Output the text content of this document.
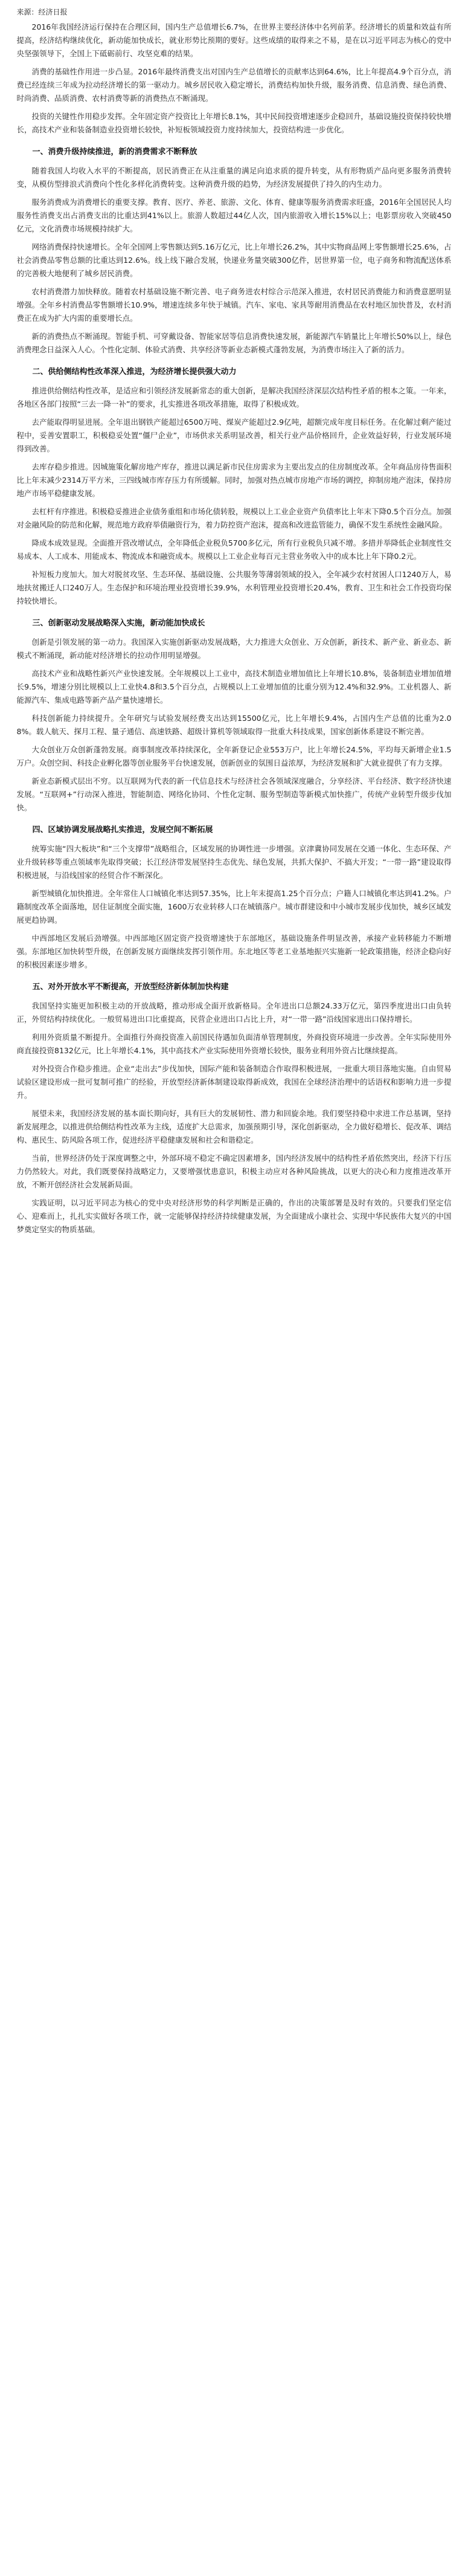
来源：经济日报

2016年我国经济运行保持在合理区间，国内生产总值增长6.7%，在世界主要经济体中名列前茅。经济增长的质量和效益有所提高，经济结构继续优化，新动能加快成长，就业形势比预期的要好。这些成绩的取得来之不易，是在以习近平同志为核心的党中央坚强领导下，全国上下砥砺前行、攻坚克难的结果。

消费的基础性作用进一步凸显。2016年最终消费支出对国内生产总值增长的贡献率达到64.6%，比上年提高4.9个百分点，消费已经连续三年成为拉动经济增长的第一驱动力。城乡居民收入稳定增长，消费结构加快升级，服务消费、信息消费、绿色消费、时尚消费、品质消费、农村消费等新的消费热点不断涌现。

投资的关键性作用稳步发挥。全年固定资产投资比上年增长8.1%，其中民间投资增速逐步企稳回升，基础设施投资保持较快增长，高技术产业和装备制造业投资增长较快，补短板领域投资力度持续加大，投资结构进一步优化。

一、消费升级持续推进，新的消费需求不断释放

随着我国人均收入水平的不断提高，居民消费正在从注重量的满足向追求质的提升转变，从有形物质产品向更多服务消费转变，从模仿型排浪式消费向个性化多样化消费转变。这种消费升级的趋势，为经济发展提供了持久的内生动力。

服务消费成为消费增长的重要支撑。教育、医疗、养老、旅游、文化、体育、健康等服务消费需求旺盛，2016年全国居民人均服务性消费支出占消费支出的比重达到41%以上。旅游人数超过44亿人次，国内旅游收入增长15%以上；电影票房收入突破450亿元，文化消费市场规模持续扩大。

网络消费保持快速增长。全年全国网上零售额达到5.16万亿元，比上年增长26.2%，其中实物商品网上零售额增长25.6%，占社会消费品零售总额的比重达到12.6%。线上线下融合发展，快递业务量突破300亿件，居世界第一位，电子商务和物流配送体系的完善极大地便利了城乡居民消费。

农村消费潜力加快释放。随着农村基础设施不断完善、电子商务进农村综合示范深入推进，农村居民消费能力和消费意愿明显增强。全年乡村消费品零售额增长10.9%，增速连续多年快于城镇。汽车、家电、家具等耐用消费品在农村地区加快普及，农村消费正在成为扩大内需的重要增长点。

新的消费热点不断涌现。智能手机、可穿戴设备、智能家居等信息消费快速发展，新能源汽车销量比上年增长50%以上，绿色消费理念日益深入人心。个性化定制、体验式消费、共享经济等新业态新模式蓬勃发展，为消费市场注入了新的活力。

二、供给侧结构性改革深入推进，为经济增长提供强大动力

推进供给侧结构性改革，是适应和引领经济发展新常态的重大创新，是解决我国经济深层次结构性矛盾的根本之策。一年来，各地区各部门按照“三去一降一补”的要求，扎实推进各项改革措施，取得了积极成效。

去产能取得明显进展。全年退出钢铁产能超过6500万吨、煤炭产能超过2.9亿吨，超额完成年度目标任务。在化解过剩产能过程中，妥善安置职工，积极稳妥处置“僵尸企业”，市场供求关系明显改善，相关行业产品价格回升，企业效益好转，行业发展环境得到改善。

去库存稳步推进。因城施策化解房地产库存，推进以满足新市民住房需求为主要出发点的住房制度改革。全年商品房待售面积比上年末减少2314万平方米，三四线城市库存压力有所缓解。同时，加强对热点城市房地产市场的调控，抑制房地产泡沫，保持房地产市场平稳健康发展。

去杠杆有序推进。积极稳妥推进企业债务重组和市场化债转股，规模以上工业企业资产负债率比上年末下降0.5个百分点。加强对金融风险的防范和化解，规范地方政府举债融资行为，着力防控资产泡沫，提高和改进监管能力，确保不发生系统性金融风险。

降成本成效显现。全面推开营改增试点，全年降低企业税负5700多亿元，所有行业税负只减不增。多措并举降低企业制度性交易成本、人工成本、用能成本、物流成本和融资成本。规模以上工业企业每百元主营业务收入中的成本比上年下降0.2元。

补短板力度加大。加大对脱贫攻坚、生态环保、基础设施、公共服务等薄弱领域的投入，全年减少农村贫困人口1240万人，易地扶贫搬迁人口240万人。生态保护和环境治理业投资增长39.9%，水利管理业投资增长20.4%，教育、卫生和社会工作投资均保持较快增长。

三、创新驱动发展战略深入实施，新动能加快成长

创新是引领发展的第一动力。我国深入实施创新驱动发展战略，大力推进大众创业、万众创新，新技术、新产业、新业态、新模式不断涌现，新动能对经济增长的拉动作用明显增强。

高技术产业和战略性新兴产业快速发展。全年规模以上工业中，高技术制造业增加值比上年增长10.8%，装备制造业增加值增长9.5%，增速分别比规模以上工业快4.8和3.5个百分点，占规模以上工业增加值的比重分别为12.4%和32.9%。工业机器人、新能源汽车、集成电路等新产品产量快速增长。

科技创新能力持续提升。全年研究与试验发展经费支出达到15500亿元，比上年增长9.4%，占国内生产总值的比重为2.08%。载人航天、探月工程、量子通信、高速铁路、超级计算机等领域取得一批重大科技成果，国家创新体系建设不断完善。

大众创业万众创新蓬勃发展。商事制度改革持续深化，全年新登记企业553万户，比上年增长24.5%，平均每天新增企业1.5万户。众创空间、科技企业孵化器等创业服务平台快速发展，创新创业的氛围日益浓厚，为经济发展和扩大就业提供了有力支撑。

新业态新模式层出不穷。以互联网为代表的新一代信息技术与经济社会各领域深度融合，分享经济、平台经济、数字经济快速发展。“互联网+”行动深入推进，智能制造、网络化协同、个性化定制、服务型制造等新模式加快推广，传统产业转型升级步伐加快。

四、区域协调发展战略扎实推进，发展空间不断拓展

统筹实施“四大板块”和“三个支撑带”战略组合，区域发展的协调性进一步增强。京津冀协同发展在交通一体化、生态环保、产业升级转移等重点领域率先取得突破；长江经济带发展坚持生态优先、绿色发展，共抓大保护、不搞大开发；“一带一路”建设取得积极进展，与沿线国家的经贸合作不断深化。

新型城镇化加快推进。全年常住人口城镇化率达到57.35%，比上年末提高1.25个百分点；户籍人口城镇化率达到41.2%。户籍制度改革全面落地，居住证制度全面实施，1600万农业转移人口在城镇落户。城市群建设和中小城市发展步伐加快，城乡区域发展更趋协调。

中西部地区发展后劲增强。中西部地区固定资产投资增速快于东部地区，基础设施条件明显改善，承接产业转移能力不断增强。东部地区加快转型升级，在创新发展方面继续发挥引领作用。东北地区等老工业基地振兴实施新一轮政策措施，经济企稳向好的积极因素逐步增多。

五、对外开放水平不断提高，开放型经济新体制加快构建

我国坚持实施更加积极主动的开放战略，推动形成全面开放新格局。全年进出口总额24.33万亿元，第四季度进出口由负转正，外贸结构持续优化。一般贸易进出口比重提高，民营企业进出口占比上升，对“一带一路”沿线国家进出口保持增长。

利用外资质量不断提升。全面推行外商投资准入前国民待遇加负面清单管理制度，外商投资环境进一步改善。全年实际使用外商直接投资8132亿元，比上年增长4.1%，其中高技术产业实际使用外资增长较快，服务业利用外资占比继续提高。

对外投资合作稳步推进。企业“走出去”步伐加快，国际产能和装备制造合作取得积极进展，一批重大项目落地实施。自由贸易试验区建设形成一批可复制可推广的经验，开放型经济新体制建设取得新成效，我国在全球经济治理中的话语权和影响力进一步提升。

展望未来，我国经济发展的基本面长期向好，具有巨大的发展韧性、潜力和回旋余地。我们要坚持稳中求进工作总基调，坚持新发展理念，以推进供给侧结构性改革为主线，适度扩大总需求，加强预期引导，深化创新驱动，全力做好稳增长、促改革、调结构、惠民生、防风险各项工作，促进经济平稳健康发展和社会和谐稳定。

当前，世界经济仍处于深度调整之中，外部环境不稳定不确定因素增多，国内经济发展中的结构性矛盾依然突出，经济下行压力仍然较大。对此，我们既要保持战略定力，又要增强忧患意识，积极主动应对各种风险挑战，以更大的决心和力度推进改革开放，不断开创经济社会发展新局面。

实践证明，以习近平同志为核心的党中央对经济形势的科学判断是正确的，作出的决策部署是及时有效的。只要我们坚定信心、迎难而上，扎扎实实做好各项工作，就一定能够保持经济持续健康发展，为全面建成小康社会、实现中华民族伟大复兴的中国梦奠定坚实的物质基础。
